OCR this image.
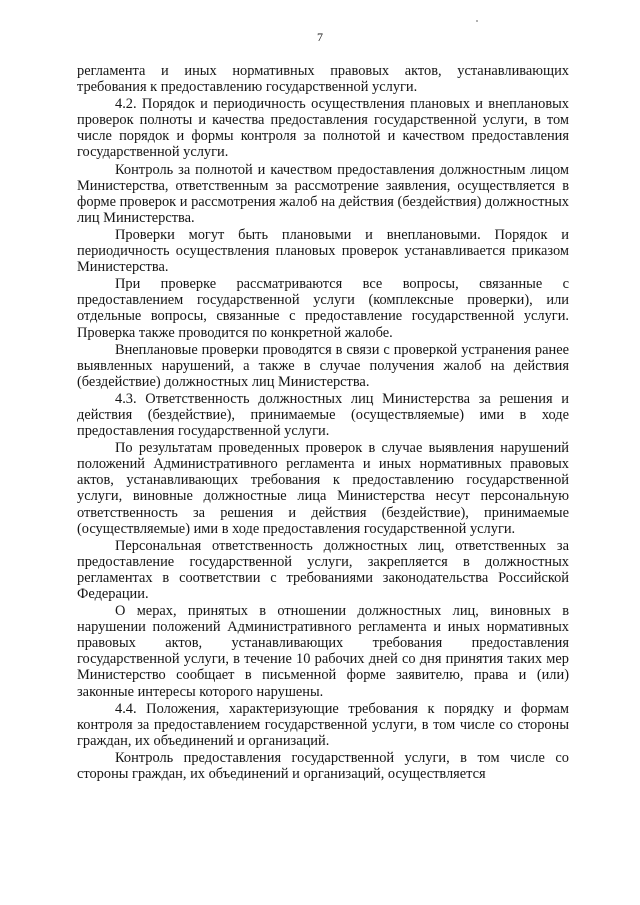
7

регламента и иных нормативных правовых актов, устанавливающих требования к предоставлению государственной услуги.

4.2. Порядок и периодичность осуществления плановых и внеплановых проверок полноты и качества предоставления государственной услуги, в том числе порядок и формы контроля за полнотой и качеством предоставления государственной услуги.

Контроль за полнотой и качеством предоставления должностным лицом Министерства, ответственным за рассмотрение заявления, осуществляется в форме проверок и рассмотрения жалоб на действия (бездействия) должностных лиц Министерства.

Проверки могут быть плановыми и внеплановыми. Порядок и периодичность осуществления плановых проверок устанавливается приказом Министерства.

При проверке рассматриваются все вопросы, связанные с предоставлением государственной услуги (комплексные проверки), или отдельные вопросы, связанные с предоставление государственной услуги. Проверка также проводится по конкретной жалобе.

Внеплановые проверки проводятся в связи с проверкой устранения ранее выявленных нарушений, а также в случае получения жалоб на действия (бездействие) должностных лиц Министерства.

4.3. Ответственность должностных лиц Министерства за решения и действия (бездействие), принимаемые (осуществляемые) ими в ходе предоставления государственной услуги.

По результатам проведенных проверок в случае выявления нарушений положений Административного регламента и иных нормативных правовых актов, устанавливающих требования к предоставлению государственной услуги, виновные должностные лица Министерства несут персональную ответственность за решения и действия (бездействие), принимаемые (осуществляемые) ими в ходе предоставления государственной услуги.

Персональная ответственность должностных лиц, ответственных за предоставление государственной услуги, закрепляется в должностных регламентах в соответствии с требованиями законодательства Российской Федерации.

О мерах, принятых в отношении должностных лиц, виновных в нарушении положений Административного регламента и иных нормативных правовых актов, устанавливающих требования предоставления государственной услуги, в течение 10 рабочих дней со дня принятия таких мер Министерство сообщает в письменной форме заявителю, права и (или) законные интересы которого нарушены.

4.4. Положения, характеризующие требования к порядку и формам контроля за предоставлением государственной услуги, в том числе со стороны граждан, их объединений и организаций.

Контроль предоставления государственной услуги, в том числе со стороны граждан, их объединений и организаций, осуществляется
